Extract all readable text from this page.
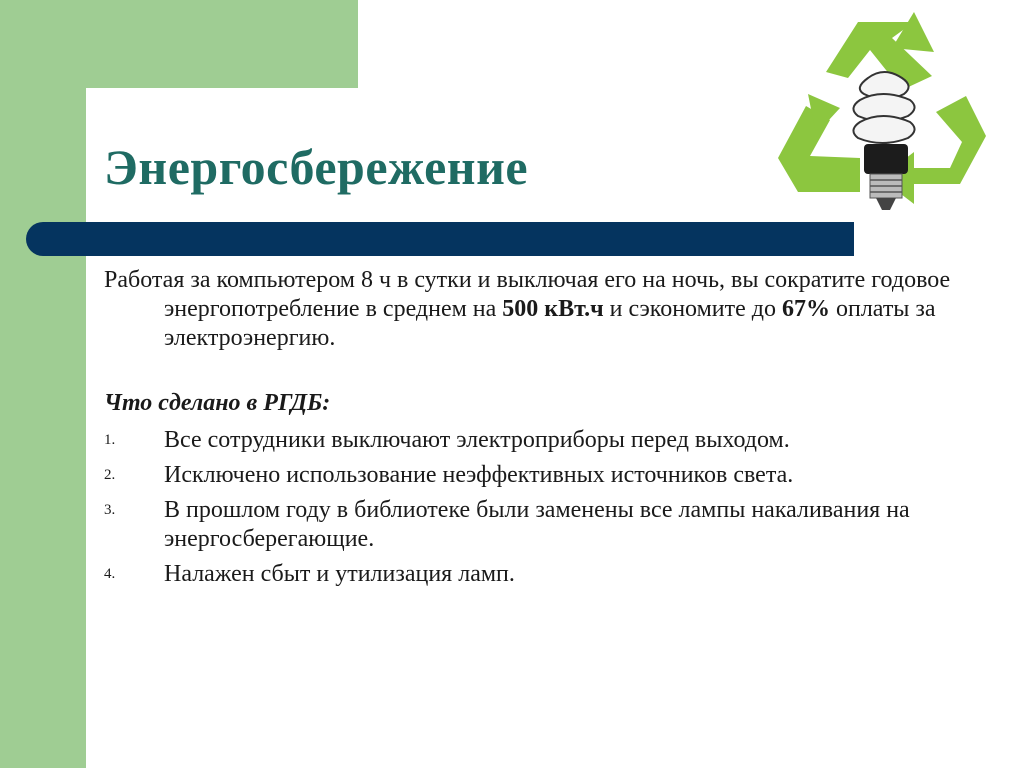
Энергосбережение

Работая за компьютером 8 ч в сутки и выключая его на ночь, вы сократите годовое энергопотребление в среднем на 500 кВт.ч и сэкономите до 67% оплаты за электроэнергию.

Что сделано в РГДБ:

1.	Все сотрудники выключают электроприборы перед выходом.
2.	Исключено использование неэффективных источников света.
3.	В прошлом году в библиотеке были заменены все лампы накаливания на энергосберегающие.
4.	Налажен сбыт и утилизация ламп.
